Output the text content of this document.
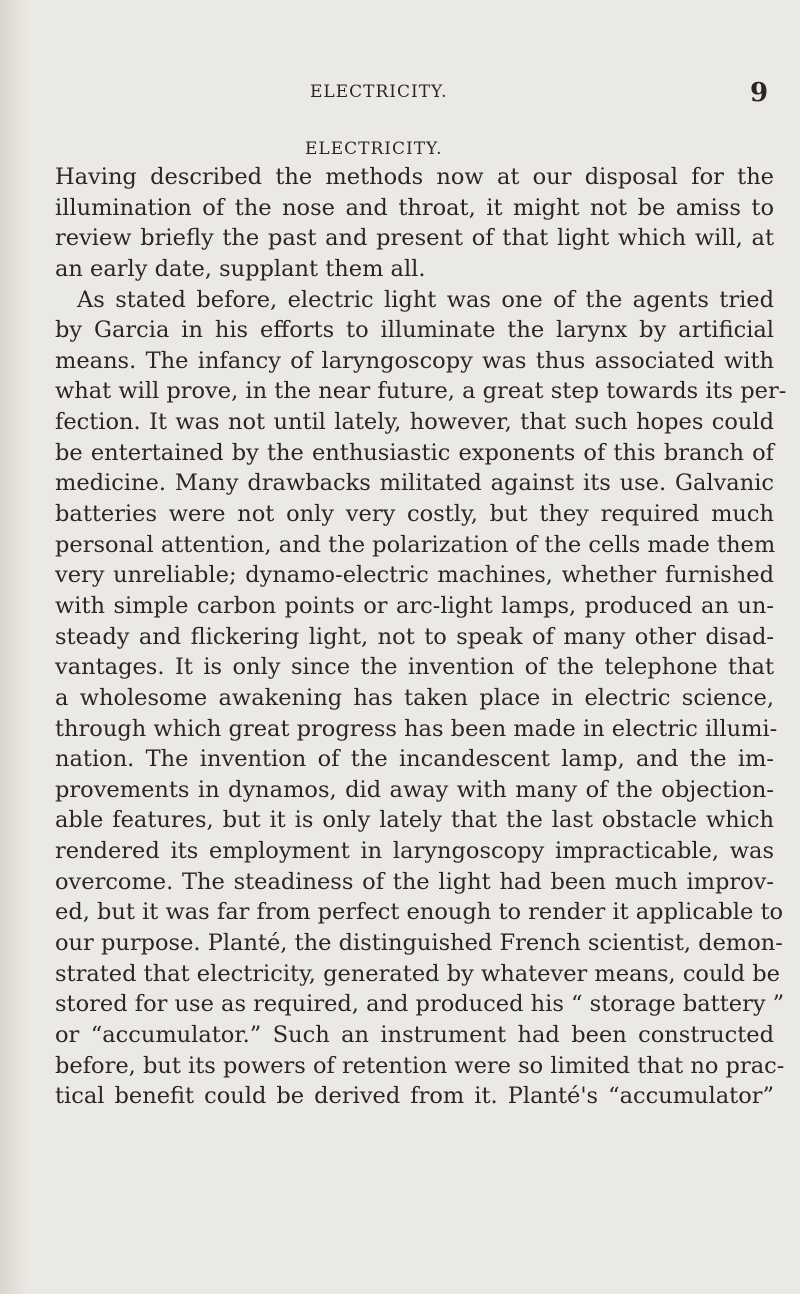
ELECTRICITY.	9
ELECTRICITY.
Having described the methods now at our disposal for the
illumination of the nose and throat, it might not be amiss to
review briefly the past and present of that light which will, at
an early date, supplant them all.
As stated before, electric light was one of the agents tried
by Garcia in his efforts to illuminate the larynx by artificial
means. The infancy of laryngoscopy was thus associated with
what will prove, in the near future, a great step towards its per-
fection. It was not until lately, however, that such hopes could
be entertained by the enthusiastic exponents of this branch of
medicine. Many drawbacks militated against its use. Galvanic
batteries were not only very costly, but they required much
personal attention, and the polarization of the cells made them
very unreliable; dynamo-electric machines, whether furnished
with simple carbon points or arc-light lamps, produced an un-
steady and flickering light, not to speak of many other disad-
vantages. It is only since the invention of the telephone that
a wholesome awakening has taken place in electric science,
through which great progress has been made in electric illumi-
nation. The invention of the incandescent lamp, and the im-
provements in dynamos, did away with many of the objection-
able features, but it is only lately that the last obstacle which
rendered its employment in laryngoscopy impracticable, was
overcome. The steadiness of the light had been much improv-
ed, but it was far from perfect enough to render it applicable to
our purpose. Planté, the distinguished French scientist, demon-
strated that electricity, generated by whatever means, could be
stored for use as required, and produced his “ storage battery ”
or “accumulator.” Such an instrument had been constructed
before, but its powers of retention were so limited that no prac-
tical benefit could be derived from it. Planté's “accumulator”
